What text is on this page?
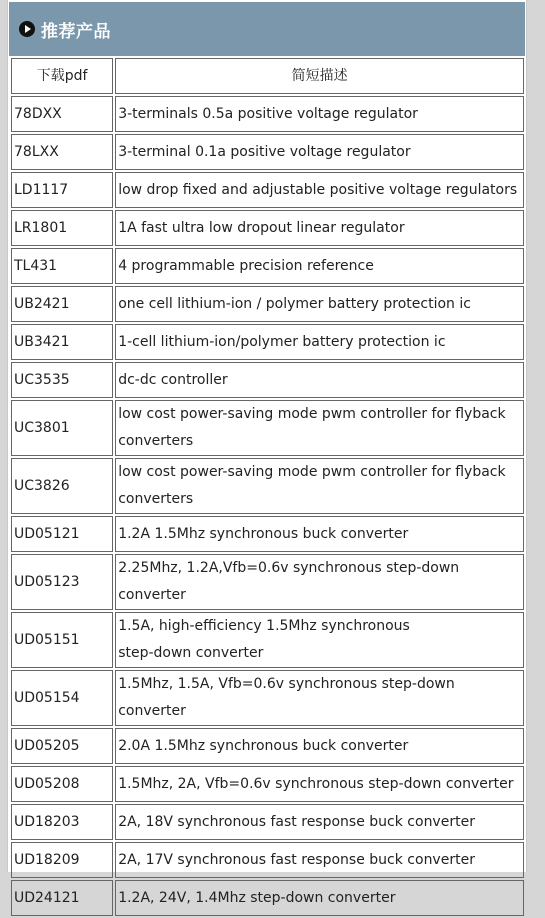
推荐产品
下载pdf	简短描述
78DXX	3-terminals 0.5a positive voltage regulator
78LXX	3-terminal 0.1a positive voltage regulator
LD1117	low drop fixed and adjustable positive voltage regulators
LR1801	1A fast ultra low dropout linear regulator
TL431	4 programmable precision reference
UB2421	one cell lithium-ion / polymer battery protection ic
UB3421	1-cell lithium-ion/polymer battery protection ic
UC3535	dc-dc controller
UC3801	low cost power-saving mode pwm controller for flyback converters
UC3826	low cost power-saving mode pwm controller for flyback converters
UD05121	1.2A 1.5Mhz synchronous buck converter
UD05123	2.25Mhz, 1.2A,Vfb=0.6v synchronous step-down converter
UD05151	1.5A, high-efficiency 1.5Mhz synchronous
step-down converter
UD05154	1.5Mhz, 1.5A, Vfb=0.6v synchronous step-down converter
UD05205	2.0A 1.5Mhz synchronous buck converter
UD05208	1.5Mhz, 2A, Vfb=0.6v synchronous step-down converter
UD18203	2A, 18V synchronous fast response buck converter
UD18209	2A, 17V synchronous fast response buck converter
UD24121	1.2A, 24V, 1.4Mhz step-down converter
